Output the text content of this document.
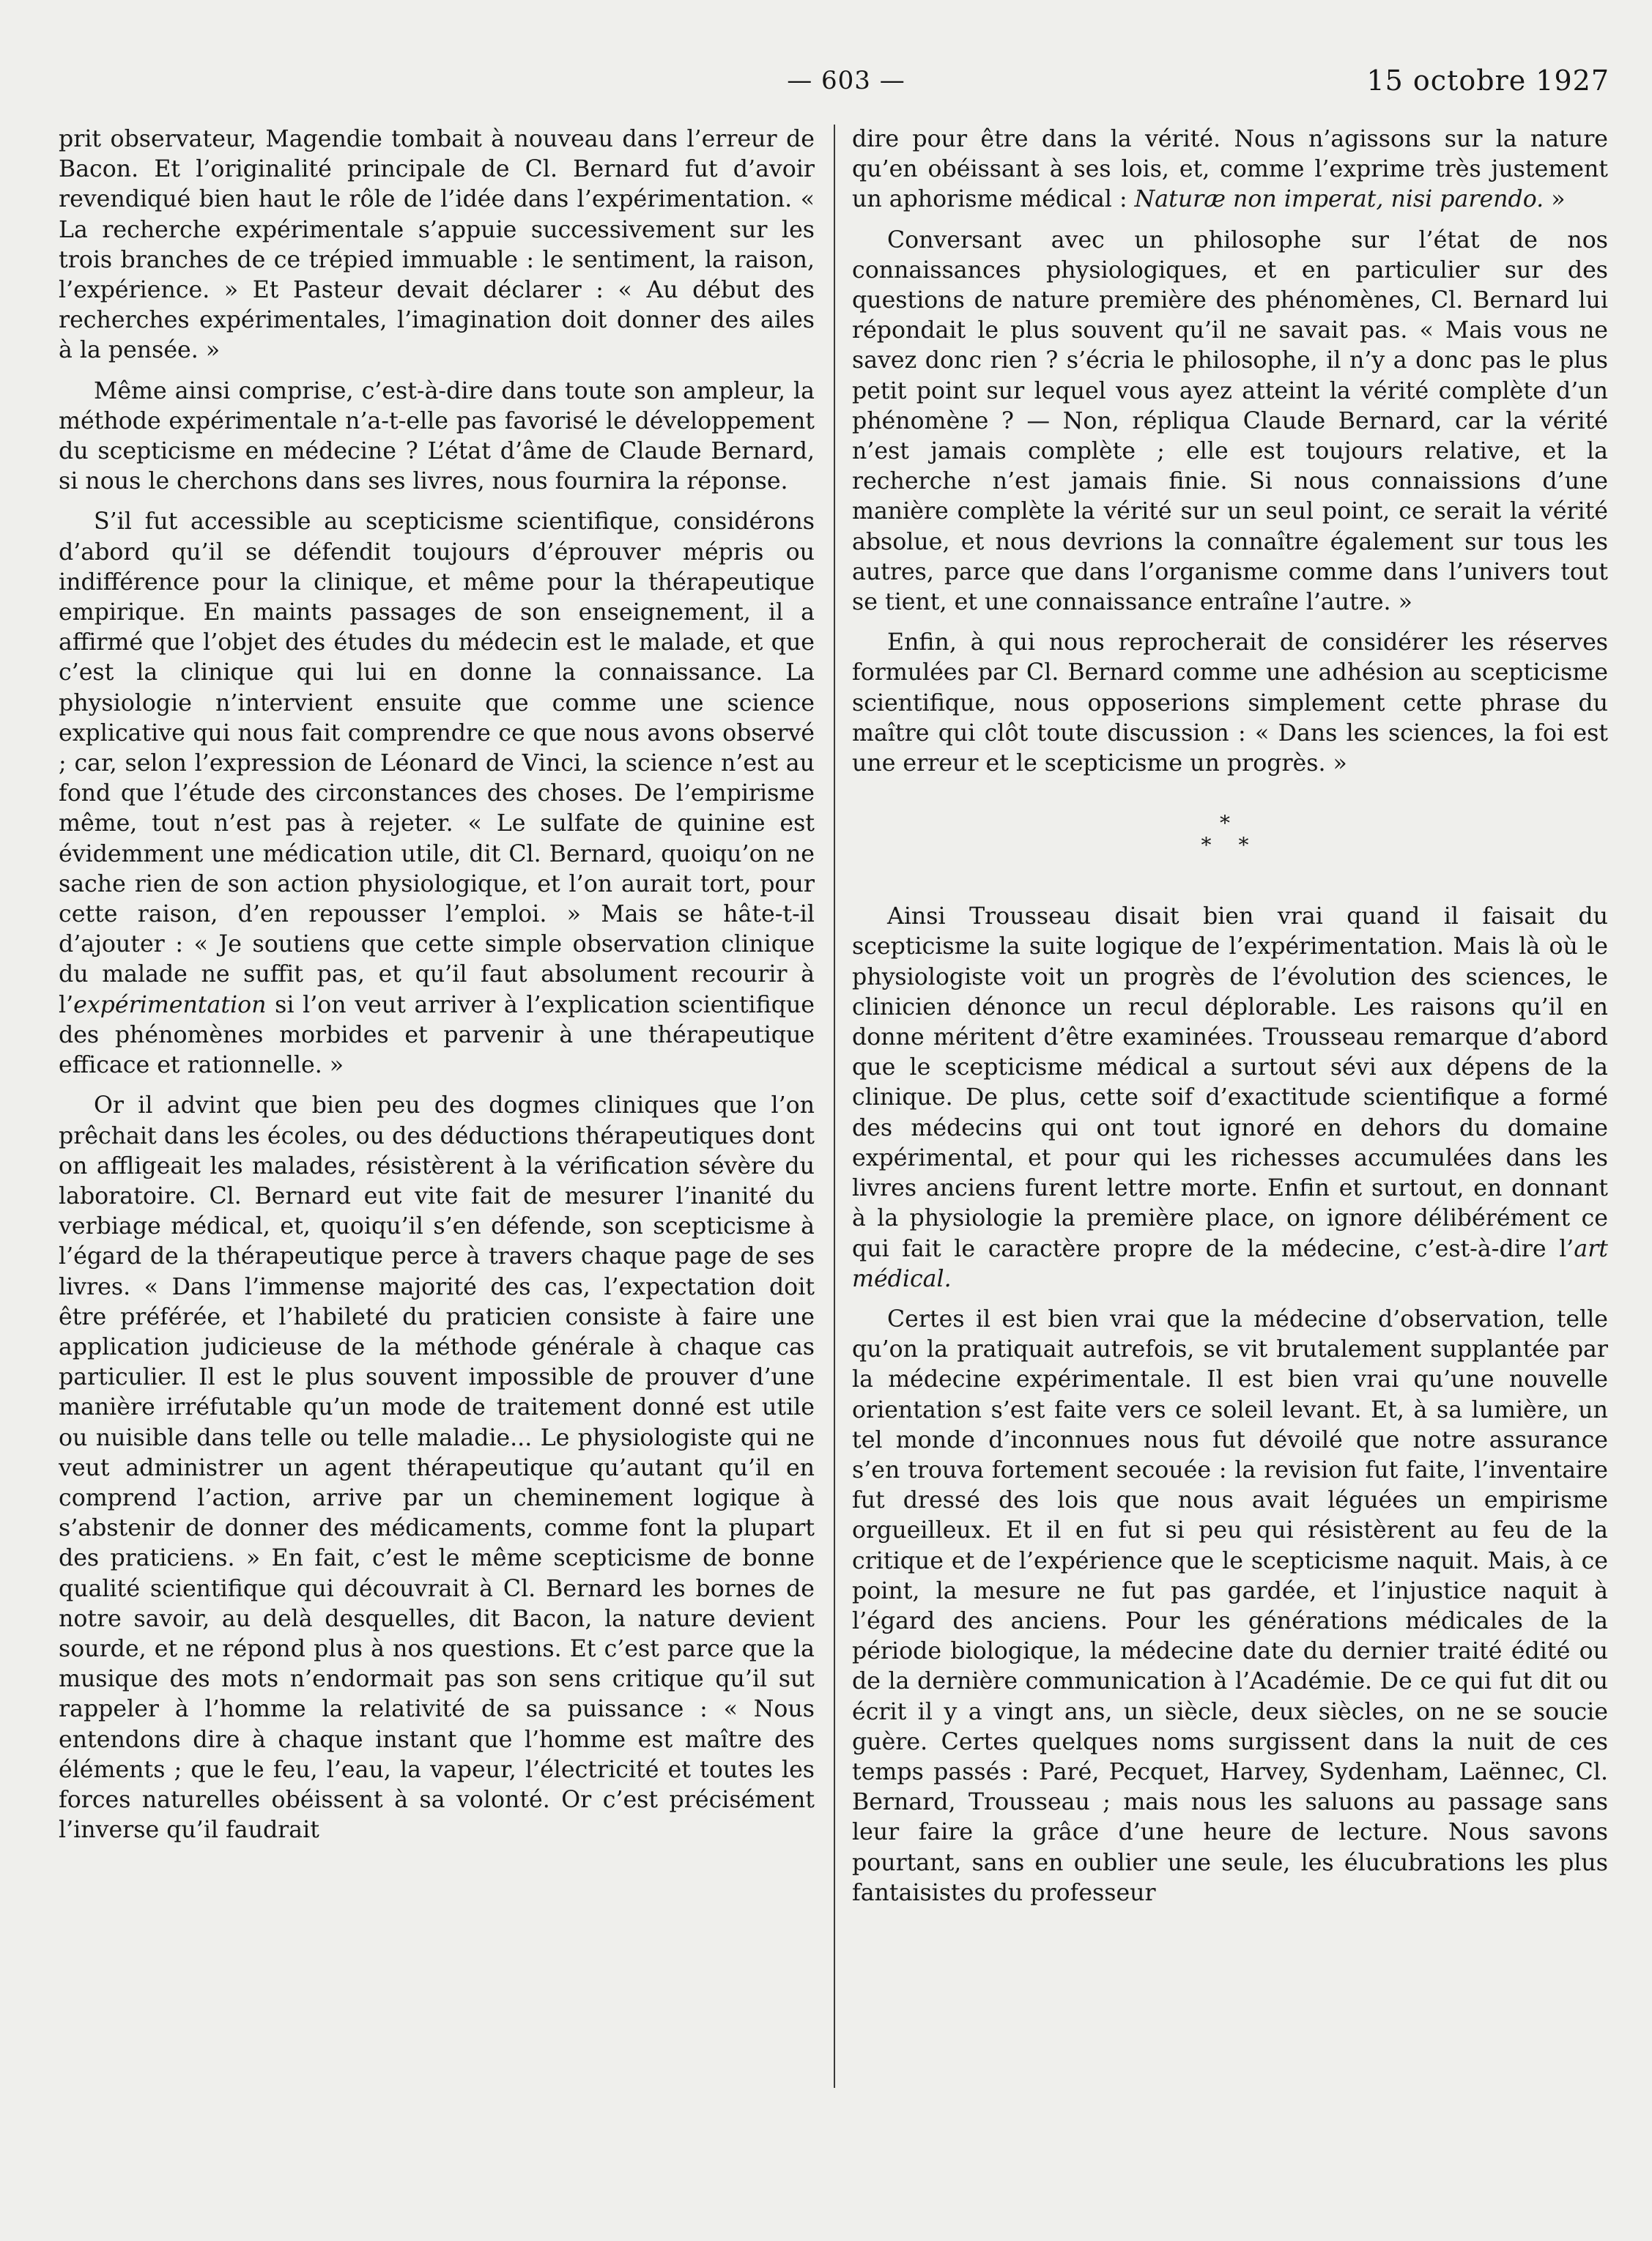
— 603 —	15 octobre 1927

prit observateur, Magendie tombait à nouveau dans l’erreur de Bacon. Et l’originalité principale de Cl. Bernard fut d’avoir revendiqué bien haut le rôle de l’idée dans l’expérimentation. « La recherche expérimentale s’appuie successivement sur les trois branches de ce trépied immuable : le sentiment, la raison, l’expérience. » Et Pasteur devait déclarer : « Au début des recherches expérimentales, l’imagination doit donner des ailes à la pensée. »

Même ainsi comprise, c’est-à-dire dans toute son ampleur, la méthode expérimentale n’a-t-elle pas favorisé le développement du scepticisme en médecine ? L’état d’âme de Claude Bernard, si nous le cherchons dans ses livres, nous fournira la réponse.

S’il fut accessible au scepticisme scientifique, considérons d’abord qu’il se défendit toujours d’éprouver mépris ou indifférence pour la clinique, et même pour la thérapeutique empirique. En maints passages de son enseignement, il a affirmé que l’objet des études du médecin est le malade, et que c’est la clinique qui lui en donne la connaissance. La physiologie n’intervient ensuite que comme une science explicative qui nous fait comprendre ce que nous avons observé ; car, selon l’expression de Léonard de Vinci, la science n’est au fond que l’étude des circonstances des choses. De l’empirisme même, tout n’est pas à rejeter. « Le sulfate de quinine est évidemment une médication utile, dit Cl. Bernard, quoiqu’on ne sache rien de son action physiologique, et l’on aurait tort, pour cette raison, d’en repousser l’emploi. » Mais se hâte-t-il d’ajouter : « Je soutiens que cette simple observation clinique du malade ne suffit pas, et qu’il faut absolument recourir à l’expérimentation si l’on veut arriver à l’explication scientifique des phénomènes morbides et parvenir à une thérapeutique efficace et rationnelle. »

Or il advint que bien peu des dogmes cliniques que l’on prêchait dans les écoles, ou des déductions thérapeutiques dont on affligeait les malades, résistèrent à la vérification sévère du laboratoire. Cl. Bernard eut vite fait de mesurer l’inanité du verbiage médical, et, quoiqu’il s’en défende, son scepticisme à l’égard de la thérapeutique perce à travers chaque page de ses livres. « Dans l’immense majorité des cas, l’expectation doit être préférée, et l’habileté du praticien consiste à faire une application judicieuse de la méthode générale à chaque cas particulier. Il est le plus souvent impossible de prouver d’une manière irréfutable qu’un mode de traitement donné est utile ou nuisible dans telle ou telle maladie... Le physiologiste qui ne veut administrer un agent thérapeutique qu’autant qu’il en comprend l’action, arrive par un cheminement logique à s’abstenir de donner des médicaments, comme font la plupart des praticiens. » En fait, c’est le même scepticisme de bonne qualité scientifique qui découvrait à Cl. Bernard les bornes de notre savoir, au delà desquelles, dit Bacon, la nature devient sourde, et ne répond plus à nos questions. Et c’est parce que la musique des mots n’endormait pas son sens critique qu’il sut rappeler à l’homme la relativité de sa puissance : « Nous entendons dire à chaque instant que l’homme est maître des éléments ; que le feu, l’eau, la vapeur, l’électricité et toutes les forces naturelles obéissent à sa volonté. Or c’est précisément l’inverse qu’il faudrait

dire pour être dans la vérité. Nous n’agissons sur la nature qu’en obéissant à ses lois, et, comme l’exprime très justement un aphorisme médical : Naturæ non imperat, nisi parendo. »

Conversant avec un philosophe sur l’état de nos connaissances physiologiques, et en particulier sur des questions de nature première des phénomènes, Cl. Bernard lui répondait le plus souvent qu’il ne savait pas. « Mais vous ne savez donc rien ? s’écria le philosophe, il n’y a donc pas le plus petit point sur lequel vous ayez atteint la vérité complète d’un phénomène ? — Non, répliqua Claude Bernard, car la vérité n’est jamais complète ; elle est toujours relative, et la recherche n’est jamais finie. Si nous connaissions d’une manière complète la vérité sur un seul point, ce serait la vérité absolue, et nous devrions la connaître également sur tous les autres, parce que dans l’organisme comme dans l’univers tout se tient, et une connaissance entraîne l’autre. »

Enfin, à qui nous reprocherait de considérer les réserves formulées par Cl. Bernard comme une adhésion au scepticisme scientifique, nous opposerions simplement cette phrase du maître qui clôt toute discussion : « Dans les sciences, la foi est une erreur et le scepticisme un progrès. »

*
* *

Ainsi Trousseau disait bien vrai quand il faisait du scepticisme la suite logique de l’expérimentation. Mais là où le physiologiste voit un progrès de l’évolution des sciences, le clinicien dénonce un recul déplorable. Les raisons qu’il en donne méritent d’être examinées. Trousseau remarque d’abord que le scepticisme médical a surtout sévi aux dépens de la clinique. De plus, cette soif d’exactitude scientifique a formé des médecins qui ont tout ignoré en dehors du domaine expérimental, et pour qui les richesses accumulées dans les livres anciens furent lettre morte. Enfin et surtout, en donnant à la physiologie la première place, on ignore délibérément ce qui fait le caractère propre de la médecine, c’est-à-dire l’art médical.

Certes il est bien vrai que la médecine d’observation, telle qu’on la pratiquait autrefois, se vit brutalement supplantée par la médecine expérimentale. Il est bien vrai qu’une nouvelle orientation s’est faite vers ce soleil levant. Et, à sa lumière, un tel monde d’inconnues nous fut dévoilé que notre assurance s’en trouva fortement secouée : la revision fut faite, l’inventaire fut dressé des lois que nous avait léguées un empirisme orgueilleux. Et il en fut si peu qui résistèrent au feu de la critique et de l’expérience que le scepticisme naquit. Mais, à ce point, la mesure ne fut pas gardée, et l’injustice naquit à l’égard des anciens. Pour les générations médicales de la période biologique, la médecine date du dernier traité édité ou de la dernière communication à l’Académie. De ce qui fut dit ou écrit il y a vingt ans, un siècle, deux siècles, on ne se soucie guère. Certes quelques noms surgissent dans la nuit de ces temps passés : Paré, Pecquet, Harvey, Sydenham, Laënnec, Cl. Bernard, Trousseau ; mais nous les saluons au passage sans leur faire la grâce d’une heure de lecture. Nous savons pourtant, sans en oublier une seule, les élucubrations les plus fantaisistes du professeur
